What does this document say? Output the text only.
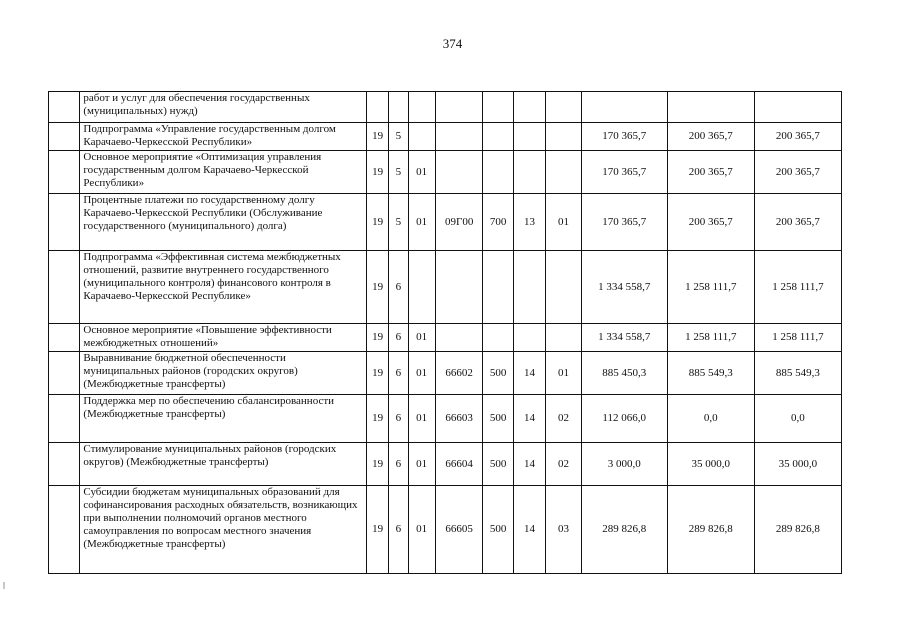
374
	работ и услуг для обеспечения государственных (муниципальных) нужд)										
	Подпрограмма «Управление государственным долгом Карачаево-Черкесской Республики»	19	5						170 365,7	200 365,7	200 365,7
	Основное мероприятие «Оптимизация управления государственным долгом Карачаево-Черкесской Республики»	19	5	01					170 365,7	200 365,7	200 365,7
	Процентные платежи по государственному долгу Карачаево-Черкесской Республики (Обслуживание государственного (муниципального) долга)	19	5	01	09Г00	700	13	01	170 365,7	200 365,7	200 365,7
	Подпрограмма «Эффективная система межбюджетных отношений, развитие внутреннего государственного (муниципального контроля) финансового контроля в Карачаево-Черкесской Республике»	19	6						1 334 558,7	1 258 111,7	1 258 111,7
	Основное мероприятие «Повышение эффективности межбюджетных отношений»	19	6	01					1 334 558,7	1 258 111,7	1 258 111,7
	Выравнивание бюджетной обеспеченности муниципальных районов (городских округов) (Межбюджетные трансферты)	19	6	01	66602	500	14	01	885 450,3	885 549,3	885 549,3
	Поддержка мер по обеспечению сбалансированности (Межбюджетные трансферты)	19	6	01	66603	500	14	02	112 066,0	0,0	0,0
	Стимулирование муниципальных районов (городских округов) (Межбюджетные трансферты)	19	6	01	66604	500	14	02	3 000,0	35 000,0	35 000,0
	Субсидии бюджетам муниципальных образований для софинансирования расходных обязательств, возникающих при выполнении полномочий органов местного самоуправления по вопросам местного значения (Межбюджетные трансферты)	19	6	01	66605	500	14	03	289 826,8	289 826,8	289 826,8
